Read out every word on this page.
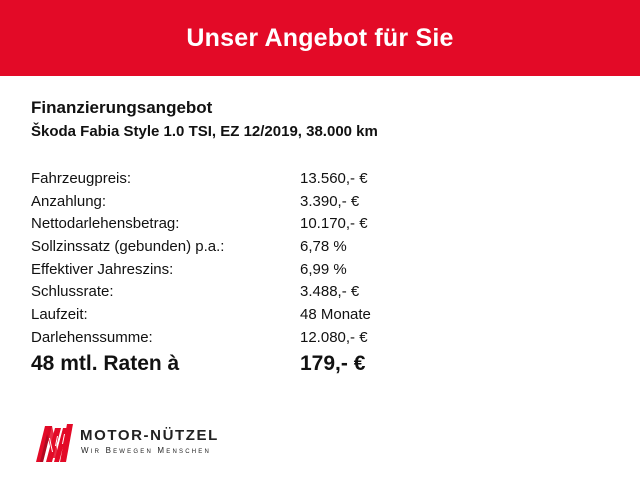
Unser Angebot für Sie
Finanzierungsangebot
Škoda Fabia Style 1.0 TSI, EZ 12/2019, 38.000 km
Fahrzeugpreis:	13.560,- €
Anzahlung:	3.390,- €
Nettodarlehensbetrag:	10.170,- €
Sollzinssatz (gebunden) p.a.:	6,78 %
Effektiver Jahreszins:	6,99 %
Schlussrate:	3.488,- €
Laufzeit:	48 Monate
Darlehenssumme:	12.080,- €
48 mtl. Raten à	179,- €
MOTOR-NÜTZEL
Wir Bewegen Menschen
